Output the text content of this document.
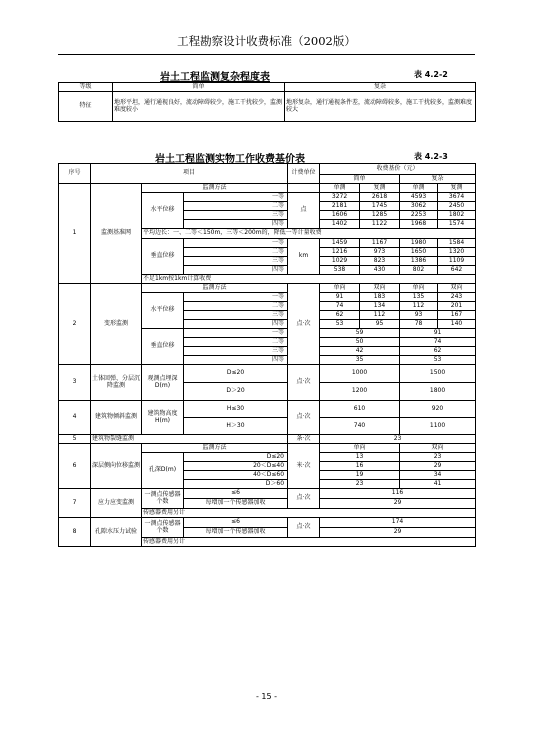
工程勘察设计收费标准（2002版）
岩土工程监测复杂程度表	表 4.2-2
等级	简单	复杂
特征	地形平坦，通行通视良好，流动障碍较少，施工干扰较少，监测难度较小	地形复杂，通行通视条件差，流动障碍较多，施工干扰较多，监测难度较大
岩土工程监测实物工作收费基价表	表 4.2-3
序号	项目			计费单位	收费基价（元）			
					简单		复杂	
1	监测基准网	监测方法			单测	复测	单测	复测
		水平位移	一等	点	3272	2618	4593	3674
			二等		2181	1745	3062	2450
			三等		1606	1285	2253	1802
			四等		1402	1122	1968	1574
		平均边长：一、二等＜150m，三等＜200m的，降低一等计量收费						
		垂直位移	一等	km	1459	1167	1980	1584
			二等		1216	973	1650	1320
			三等		1029	823	1386	1109
			四等		538	430	802	642
		不足1km按1km计算收费						
2	变形监测	监测方法		点·次	单向	双向	单向	双向
		水平位移	一等		91	183	135	243
			二等		74	134	112	201
			三等		62	112	93	167
			四等		53	95	78	140
		垂直位移	一等		59		91	
			二等		50		74	
			三等		42		62	
			四等		35		53	
3	土体回弹、分层沉降监测	观测点埋深D(m)	D≤20	点·次	1000		1500	
			D＞20		1200		1800	
4	建筑物倾斜监测	建筑物高度H(m)	H≤30	点·次	610		920	
			H＞30		740		1100	
5	建筑物裂缝监测			条·次	23			
6	深层侧向位移监测	监测方法		米·次	单向		双向	
		孔深D(m)	D≤20		13		23	
			20＜D≤40		16		29	
			40＜D≤60		19		34	
			D＞60		23		41	
7	应力应变监测	一测点传感器个数	≤6	点·次	116			
			每增加一个传感器加收		29			
		传感器费用另计						
8	孔隙水压力试验	一测点传感器个数	≤6	点·次	174			
			每增加一个传感器加收		29			
		传感器费用另计						
- 15 -
